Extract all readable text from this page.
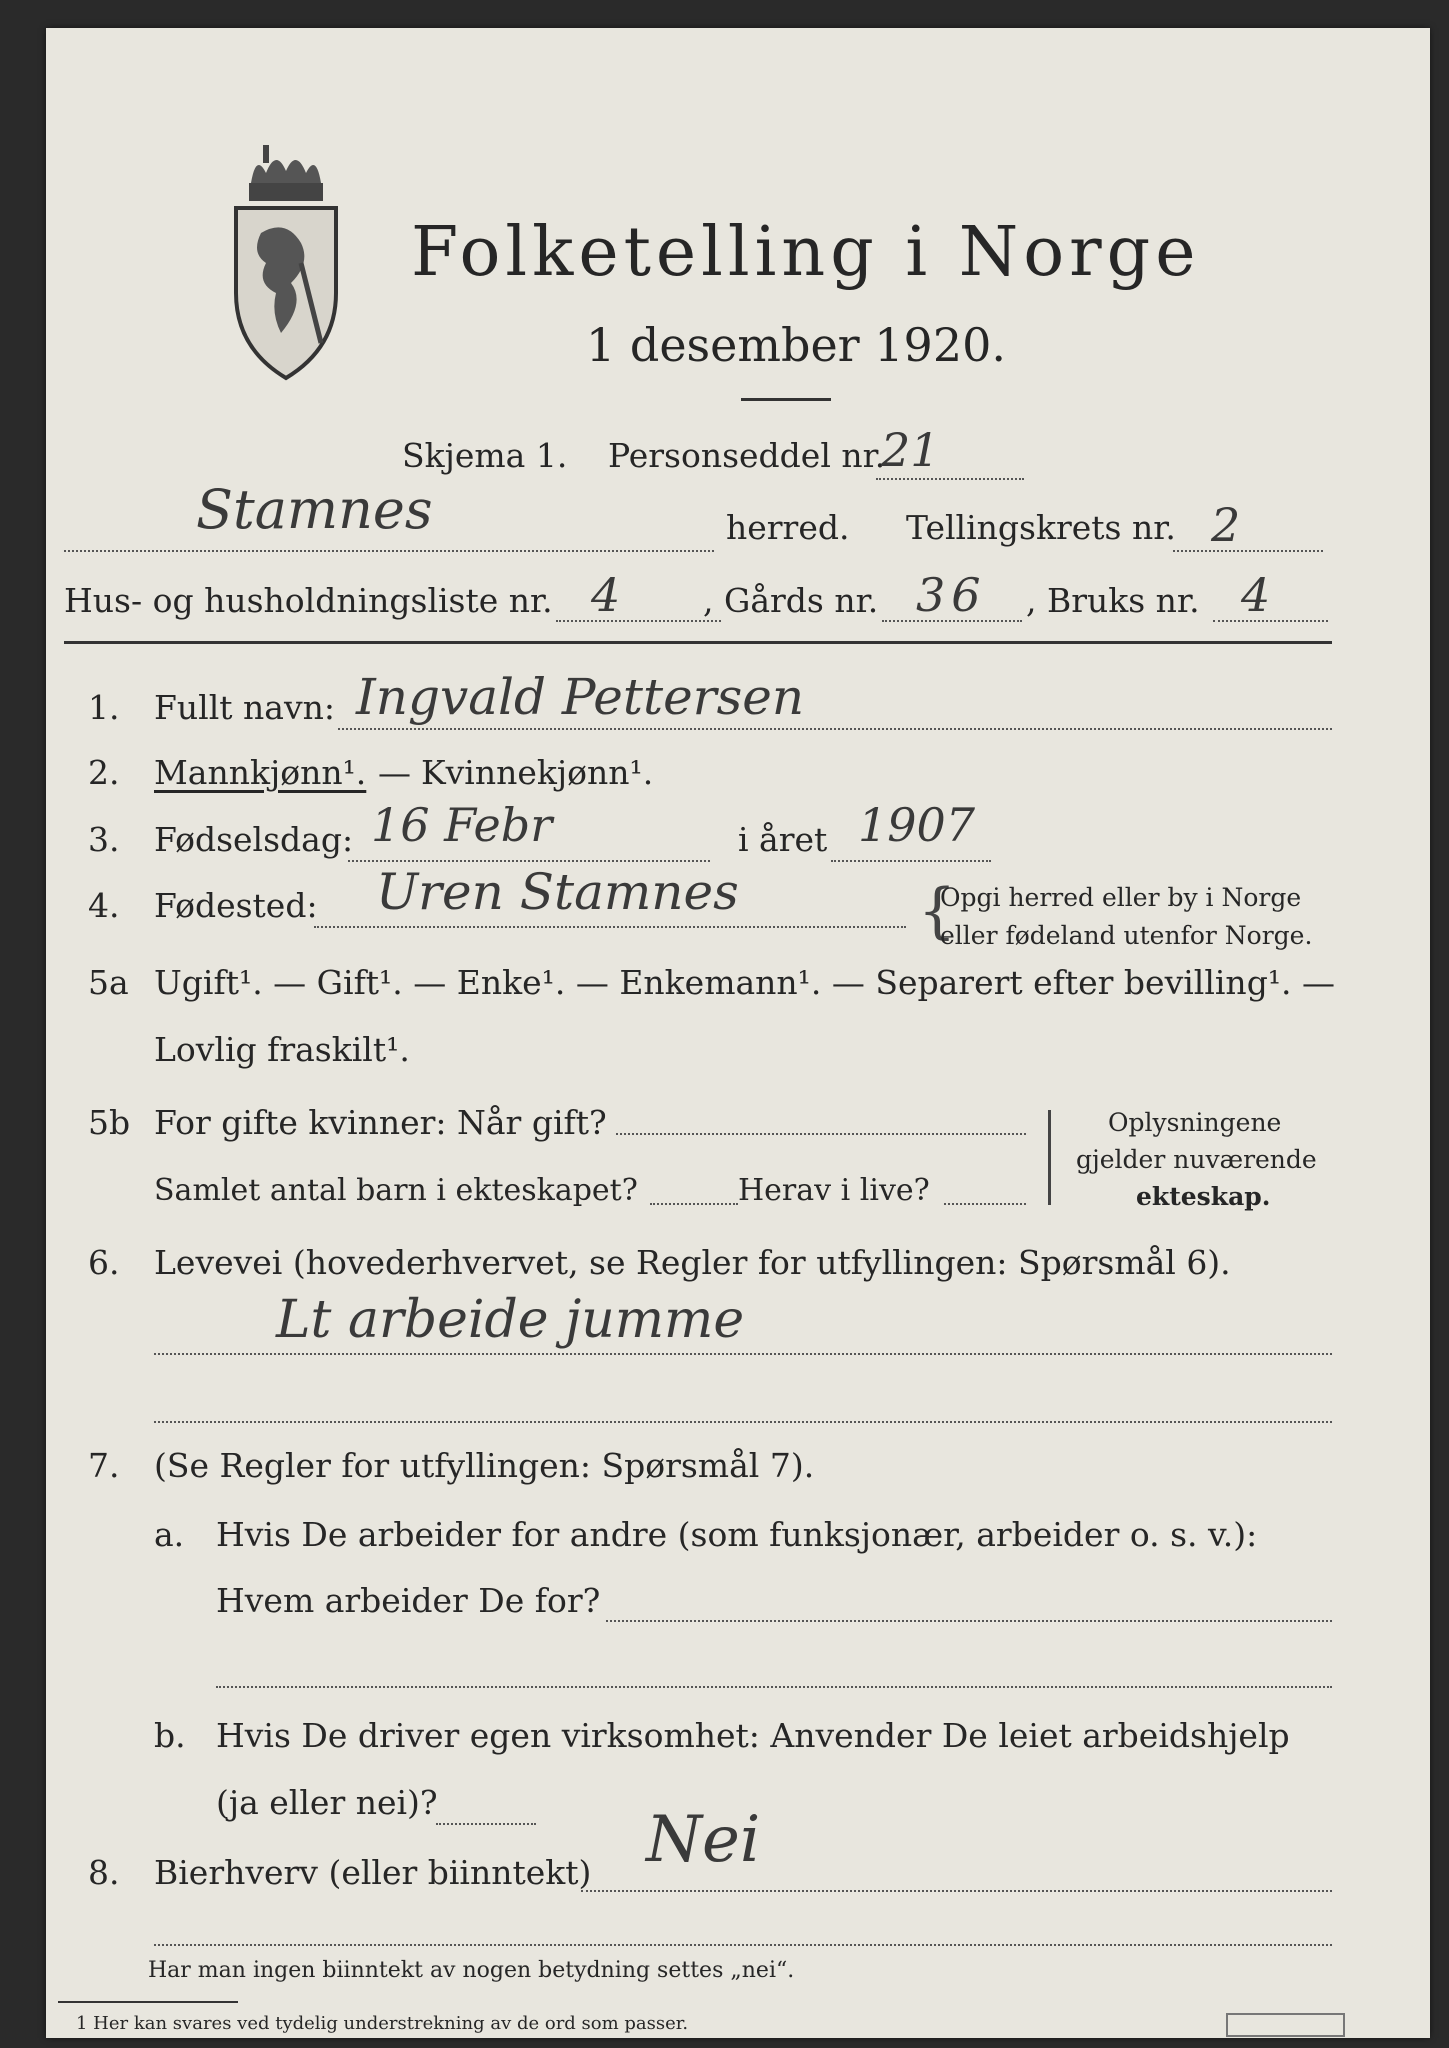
Folketelling i Norge
1 desember 1920.
Skjema 1. Personseddel nr.
21
Stamnes	herred. Tellingskrets nr. 2
Hus- og husholdningsliste nr. 4	, Gårds nr. 36 , Bruks nr. 4
1. Fullt navn: Ingvald Pettersen
2. Mannkjønn¹. — Kvinnekjønn¹.
3. Fødselsdag: 16 Febr	i året 1907
4. Fødested: Uren Stamnes	{
Opgi herred eller by i Norge
eller fødeland utenfor Norge.
5a Ugift¹. — Gift¹. — Enke¹. — Enkemann¹. — Separert efter bevilling¹. —
Lovlig fraskilt¹.
5b For gifte kvinner: Når gift?
Samlet antal barn i ekteskapet?	Herav i live?
Oplysningene
gjelder nuværende
ekteskap.
6. Levevei (hovederhvervet, se Regler for utfyllingen: Spørsmål 6).
Lt arbeide jumme
7. (Se Regler for utfyllingen: Spørsmål 7).
a. Hvis De arbeider for andre (som funksjonær, arbeider o. s. v.):
Hvem arbeider De for?
b. Hvis De driver egen virksomhet: Anvender De leiet arbeidshjelp
(ja eller nei)?
8. Bierhverv (eller biinntekt) Nei
Har man ingen biinntekt av nogen betydning settes „nei“.
1 Her kan svares ved tydelig understrekning av de ord som passer.
